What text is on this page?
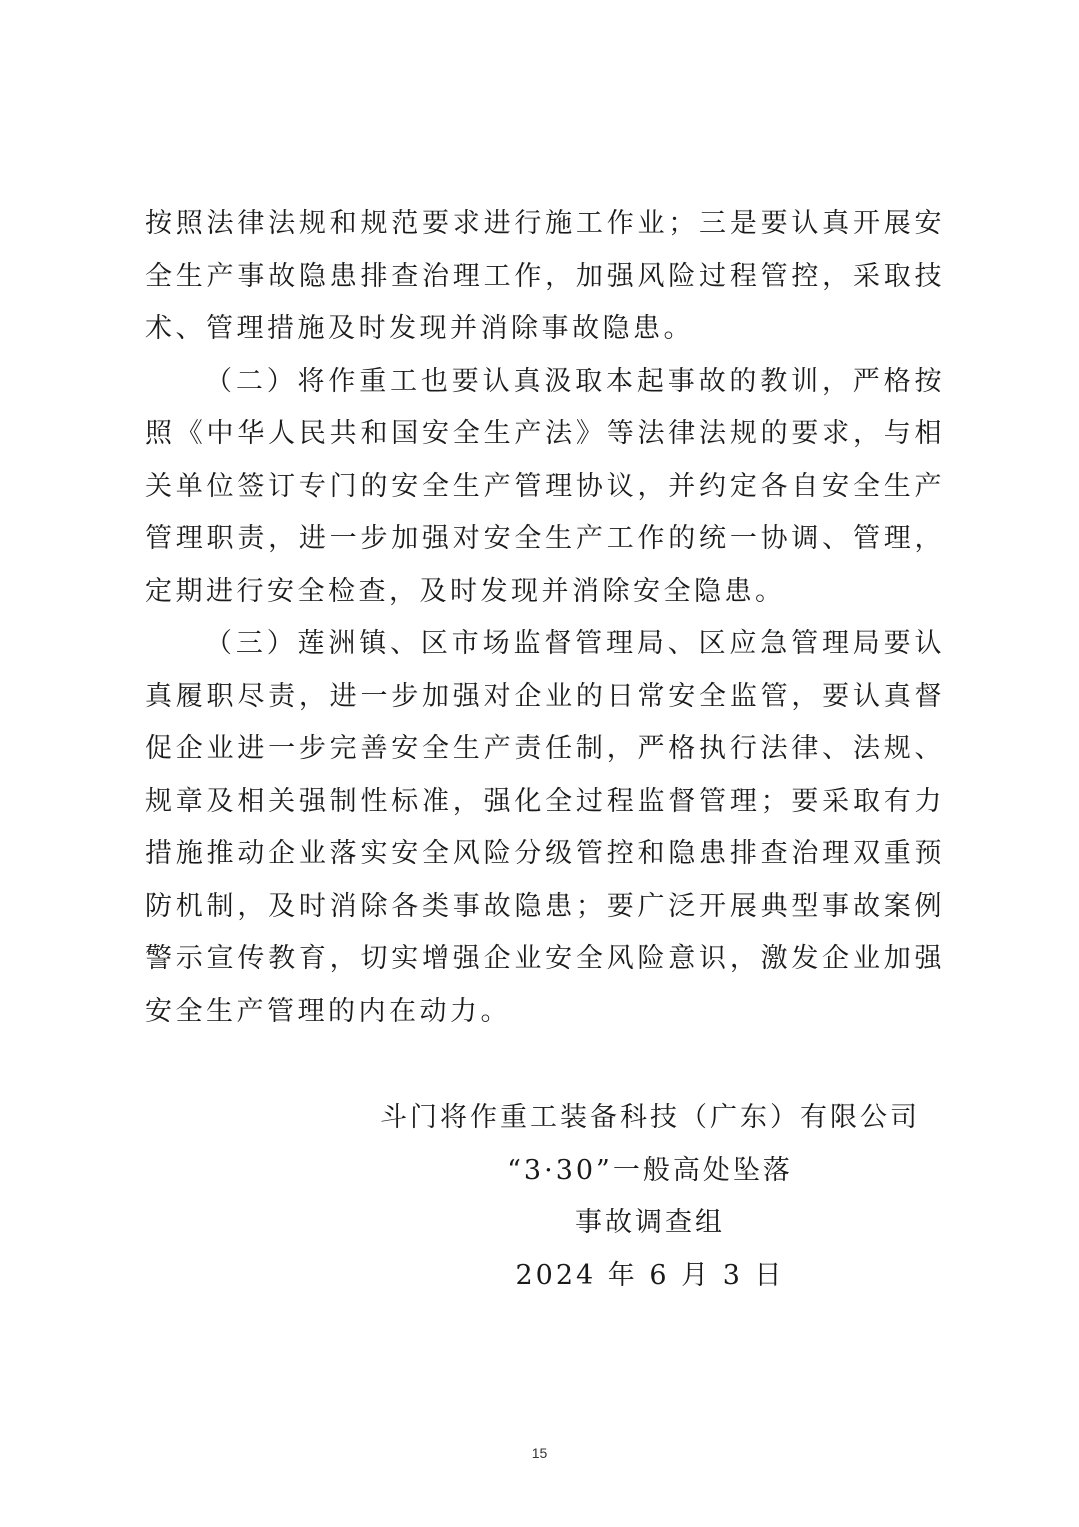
按照法律法规和规范要求进行施工作业；三是要认真开展安全生产事故隐患排查治理工作，加强风险过程管控，采取技术、管理措施及时发现并消除事故隐患。

（二）将作重工也要认真汲取本起事故的教训，严格按照《中华人民共和国安全生产法》等法律法规的要求，与相关单位签订专门的安全生产管理协议，并约定各自安全生产管理职责，进一步加强对安全生产工作的统一协调、管理，定期进行安全检查，及时发现并消除安全隐患。

（三）莲洲镇、区市场监督管理局、区应急管理局要认真履职尽责，进一步加强对企业的日常安全监管，要认真督促企业进一步完善安全生产责任制，严格执行法律、法规、规章及相关强制性标准，强化全过程监督管理；要采取有力措施推动企业落实安全风险分级管控和隐患排查治理双重预防机制，及时消除各类事故隐患；要广泛开展典型事故案例警示宣传教育，切实增强企业安全风险意识，激发企业加强安全生产管理的内在动力。

斗门将作重工装备科技（广东）有限公司
“3·30”一般高处坠落
事故调查组
2024 年 6 月 3 日
15
